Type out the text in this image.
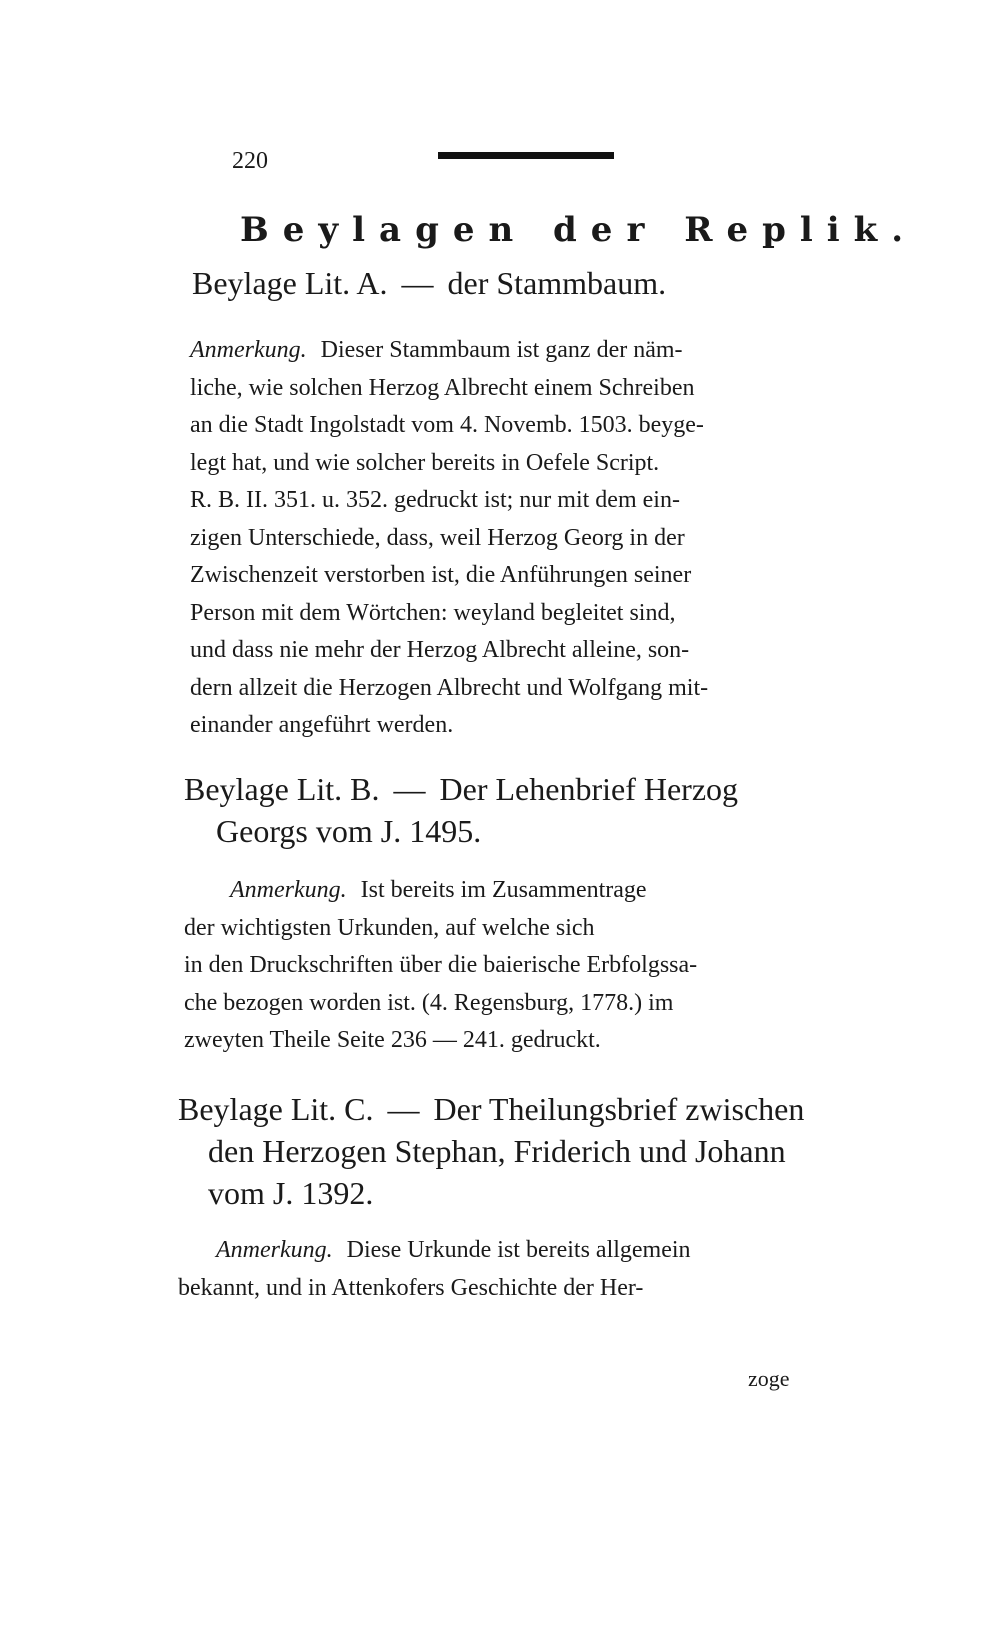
220
Beylagen der Replik.
Beylage Lit. A. — der Stammbaum.
Anmerkung. Dieser Stammbaum ist ganz der näm-
liche, wie solchen Herzog Albrecht einem Schreiben
an die Stadt Ingolstadt vom 4. Novemb. 1503. beyge-
legt hat, und wie solcher bereits in Oefele Script.
R. B. II. 351. u. 352. gedruckt ist; nur mit dem ein-
zigen Unterschiede, dass, weil Herzog Georg in der
Zwischenzeit verstorben ist, die Anführungen seiner
Person mit dem Wörtchen: weyland begleitet sind,
und dass nie mehr der Herzog Albrecht alleine, son-
dern allzeit die Herzogen Albrecht und Wolfgang mit-
einander angeführt werden.
Beylage Lit. B. — Der Lehenbrief Herzog
Georgs vom J. 1495.
Anmerkung. Ist bereits im Zusammentrage
der wichtigsten Urkunden, auf welche sich
in den Druckschriften über die baierische Erbfolgssa-
che bezogen worden ist. (4. Regensburg, 1778.) im
zweyten Theile Seite 236 — 241. gedruckt.
Beylage Lit. C. — Der Theilungsbrief zwischen
den Herzogen Stephan, Friderich und Johann
vom J. 1392.
Anmerkung. Diese Urkunde ist bereits allgemein
bekannt, und in Attenkofers Geschichte der Her-
zoge
